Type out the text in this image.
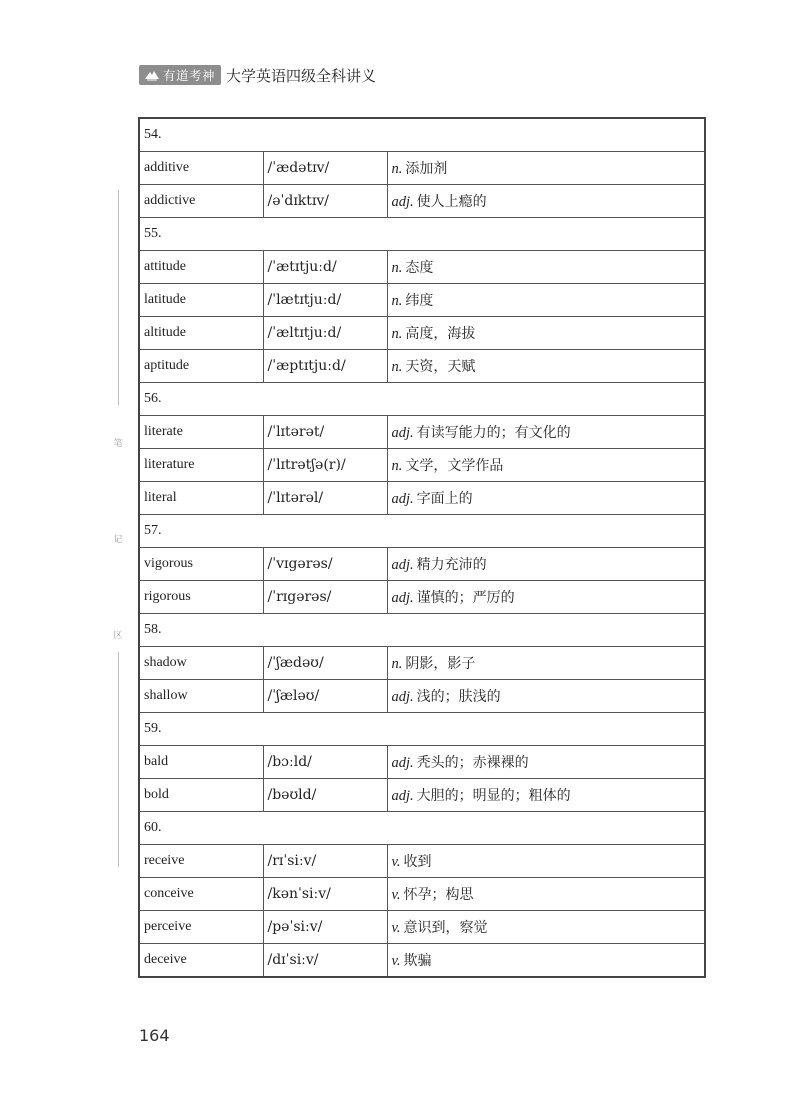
有道考神 大学英语四级全科讲义
笔
记
区
54.		
additive	/ˈædətɪv/	n. 添加剂
addictive	/əˈdɪktɪv/	adj. 使人上瘾的
55.		
attitude	/ˈætɪtjuːd/	n. 态度
latitude	/ˈlætɪtjuːd/	n. 纬度
altitude	/ˈæltɪtjuːd/	n. 高度，海拔
aptitude	/ˈæptɪtjuːd/	n. 天资，天赋
56.		
literate	/ˈlɪtərət/	adj. 有读写能力的；有文化的
literature	/ˈlɪtrətʃə(r)/	n. 文学，文学作品
literal	/ˈlɪtərəl/	adj. 字面上的
57.		
vigorous	/ˈvɪgərəs/	adj. 精力充沛的
rigorous	/ˈrɪgərəs/	adj. 谨慎的；严厉的
58.		
shadow	/ˈʃædəʊ/	n. 阴影，影子
shallow	/ˈʃæləʊ/	adj. 浅的；肤浅的
59.		
bald	/bɔːld/	adj. 秃头的；赤裸裸的
bold	/bəʊld/	adj. 大胆的；明显的；粗体的
60.		
receive	/rɪˈsiːv/	v. 收到
conceive	/kənˈsiːv/	v. 怀孕；构思
perceive	/pəˈsiːv/	v. 意识到，察觉
deceive	/dɪˈsiːv/	v. 欺骗
164
